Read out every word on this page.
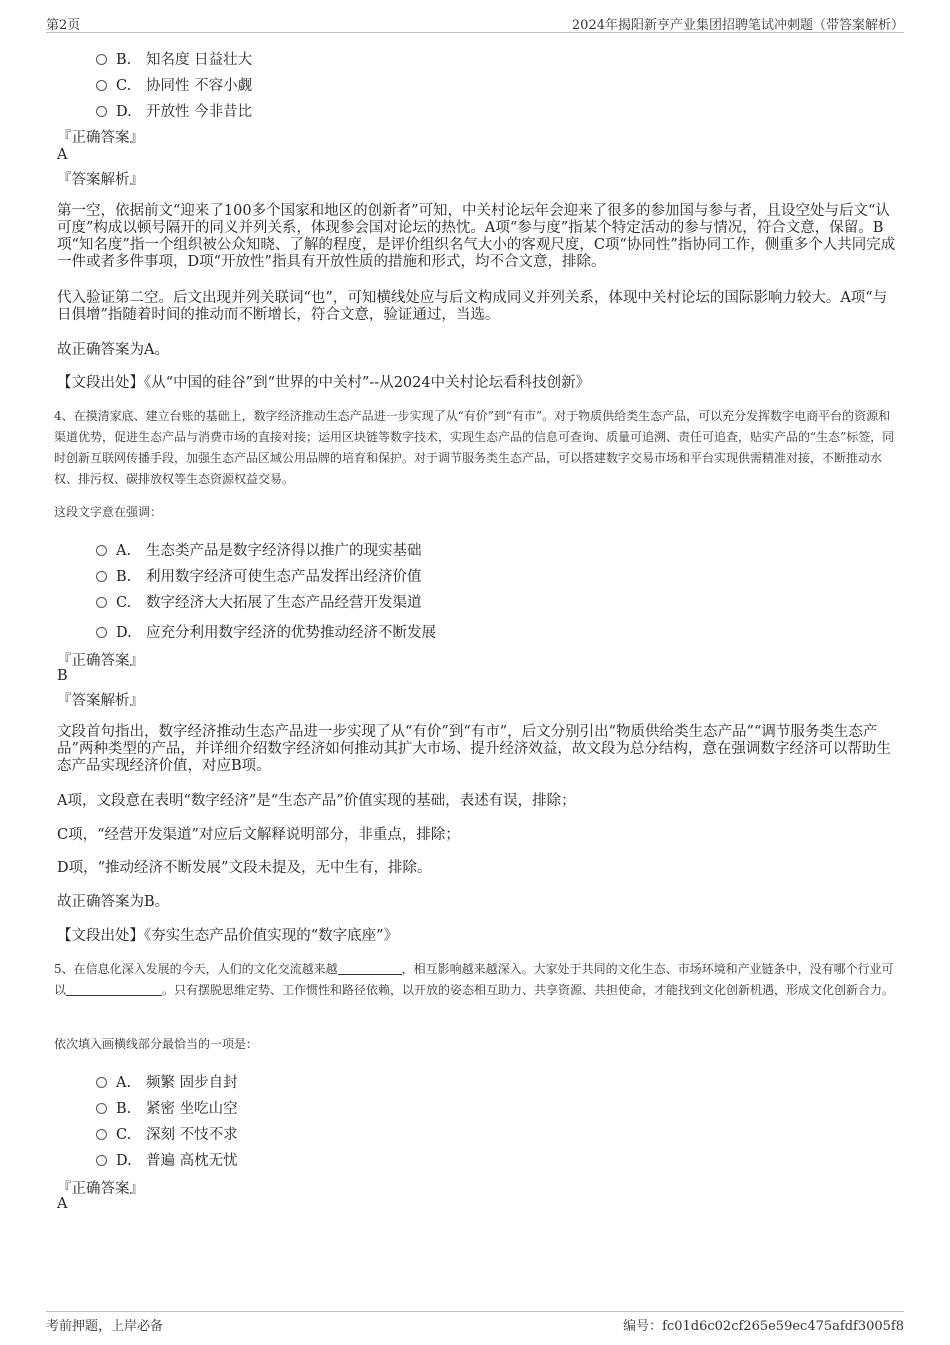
第2页	2024年揭阳新亨产业集团招聘笔试冲刺题（带答案解析）
B. 知名度 日益壮大
C. 协同性 不容小觑
D. 开放性 今非昔比
『正确答案』
A
『答案解析』
第一空，依据前文“迎来了100多个国家和地区的创新者”可知，中关村论坛年会迎来了很多的参加国与参与者，且设空处与后文“认可度”构成以顿号隔开的同义并列关系，体现参会国对论坛的热忱。A项“参与度”指某个特定活动的参与情况，符合文意，保留。B项“知名度”指一个组织被公众知晓、了解的程度，是评价组织名气大小的客观尺度，C项“协同性”指协同工作，侧重多个人共同完成一件或者多件事项，D项“开放性”指具有开放性质的措施和形式，均不合文意，排除。
代入验证第二空。后文出现并列关联词“也”，可知横线处应与后文构成同义并列关系，体现中关村论坛的国际影响力较大。A项“与日俱增”指随着时间的推动而不断增长，符合文意，验证通过，当选。
故正确答案为A。
【文段出处】《从“中国的硅谷”到“世界的中关村”--从2024中关村论坛看科技创新》
4、在摸清家底、建立台账的基础上，数字经济推动生态产品进一步实现了从“有价”到“有市”。对于物质供给类生态产品，可以充分发挥数字电商平台的资源和渠道优势，促进生态产品与消费市场的直接对接；运用区块链等数字技术，实现生态产品的信息可查询、质量可追溯、责任可追查，贴实产品的“生态”标签，同时创新互联网传播手段，加强生态产品区域公用品牌的培育和保护。对于调节服务类生态产品，可以搭建数字交易市场和平台实现供需精准对接，不断推动水权、排污权、碳排放权等生态资源权益交易。
这段文字意在强调：
A. 生态类产品是数字经济得以推广的现实基础
B. 利用数字经济可使生态产品发挥出经济价值
C. 数字经济大大拓展了生态产品经营开发渠道
D. 应充分利用数字经济的优势推动经济不断发展
『正确答案』
B
『答案解析』
文段首句指出，数字经济推动生态产品进一步实现了从“有价”到“有市”，后文分别引出“物质供给类生态产品”“调节服务类生态产品”两种类型的产品，并详细介绍数字经济如何推动其扩大市场、提升经济效益，故文段为总分结构，意在强调数字经济可以帮助生态产品实现经济价值，对应B项。
A项，文段意在表明“数字经济”是“生态产品”价值实现的基础，表述有误，排除；
C项，“经营开发渠道”对应后文解释说明部分，非重点，排除；
D项，“推动经济不断发展”文段未提及，无中生有，排除。
故正确答案为B。
【文段出处】《夯实生态产品价值实现的“数字底座”》
5、在信息化深入发展的今天，人们的文化交流越来越	，相互影响越来越深入。大家处于共同的文化生态、市场环境和产业链条中，没有哪个行业可以	。只有摆脱思维定势、工作惯性和路径依赖，以开放的姿态相互助力、共享资源、共担使命，才能找到文化创新机遇，形成文化创新合力。
依次填入画横线部分最恰当的一项是：
A. 频繁 固步自封
B. 紧密 坐吃山空
C. 深刻 不忮不求
D. 普遍 高枕无忧
『正确答案』
A
考前押题，上岸必备	编号：fc01d6c02cf265e59ec475afdf3005f8
